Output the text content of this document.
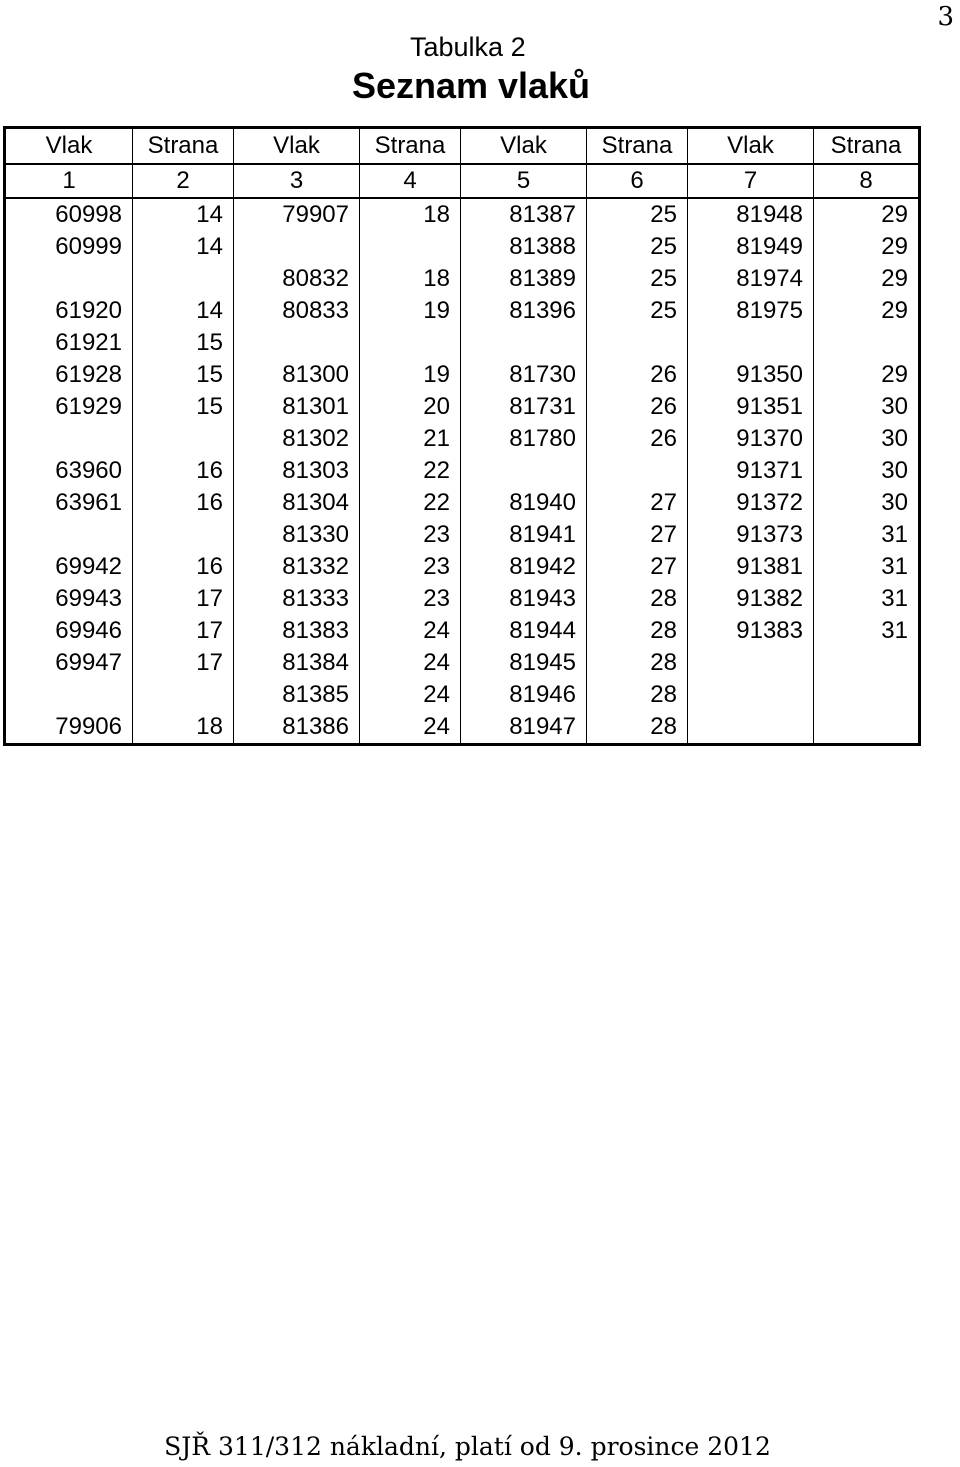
3
Tabulka 2
Seznam vlaků
Vlak	Strana	Vlak	Strana	Vlak	Strana	Vlak	Strana
1	2	3	4	5	6	7	8
60998	14	79907	18	81387	25	81948	29
60999	14			81388	25	81949	29
		80832	18	81389	25	81974	29
61920	14	80833	19	81396	25	81975	29
61921	15						
61928	15	81300	19	81730	26	91350	29
61929	15	81301	20	81731	26	91351	30
		81302	21	81780	26	91370	30
63960	16	81303	22			91371	30
63961	16	81304	22	81940	27	91372	30
		81330	23	81941	27	91373	31
69942	16	81332	23	81942	27	91381	31
69943	17	81333	23	81943	28	91382	31
69946	17	81383	24	81944	28	91383	31
69947	17	81384	24	81945	28		
		81385	24	81946	28		
79906	18	81386	24	81947	28		
SJŘ 311/312 nákladní, platí od 9. prosince 2012
